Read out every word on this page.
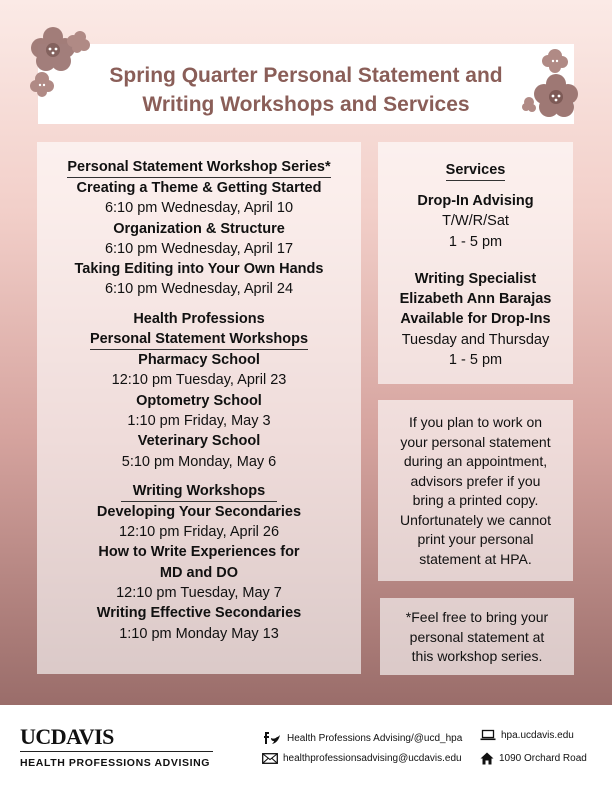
Spring Quarter Personal Statement and
Writing Workshops and Services
Personal Statement Workshop Series*
Creating a Theme & Getting Started
6:10 pm Wednesday, April 10
Organization & Structure
6:10 pm Wednesday, April 17
Taking Editing into Your Own Hands
6:10 pm Wednesday, April 24
Health Professions
Personal Statement Workshops
Pharmacy School
12:10 pm Tuesday, April 23
Optometry School
1:10 pm Friday, May 3
Veterinary School
5:10 pm Monday, May 6
Writing Workshops
Developing Your Secondaries
12:10 pm Friday, April 26
How to Write Experiences for
MD and DO
12:10 pm Tuesday, May 7
Writing Effective Secondaries
1:10 pm Monday May 13
Services
Drop-In Advising
T/W/R/Sat
1 - 5 pm
Writing Specialist
Elizabeth Ann Barajas
Available for Drop-Ins
Tuesday and Thursday
1 - 5 pm
If you plan to work on
your personal statement
during an appointment,
advisors prefer if you
bring a printed copy.
Unfortunately we cannot
print your personal
statement at HPA.
*Feel free to bring your
personal statement at
this workshop series.
UCDAVIS
HEALTH PROFESSIONS ADVISING
Health Professions Advising/@ucd_hpa	hpa.ucdavis.edu
healthprofessionsadvising@ucdavis.edu	1090 Orchard Road
